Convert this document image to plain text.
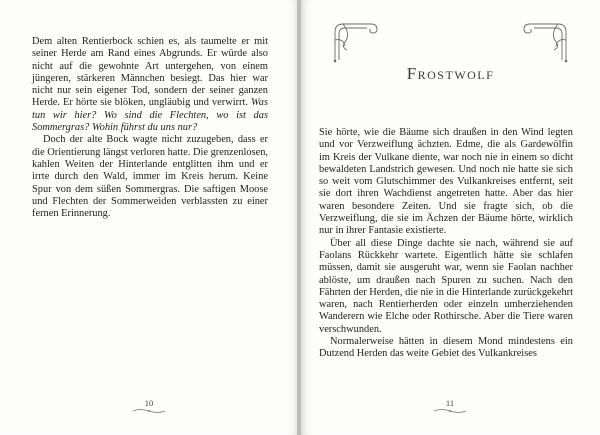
Dem alten Rentierbock schien es, als taumelte er mit seiner Herde am Rand eines Abgrunds. Er würde also nicht auf die gewohnte Art untergehen, von einem jüngeren, stärkeren Männchen besiegt. Das hier war nicht nur sein eigener Tod, sondern der seiner ganzen Herde. Er hörte sie blöken, ungläubig und verwirrt. Was tun wir hier? Wo sind die Flechten, wo ist das Sommergras? Wohin führst du uns nur?

Doch der alte Bock wagte nicht zuzugeben, dass er die Orientierung längst verloren hatte. Die grenzenlosen, kahlen Weiten der Hinterlande entglitten ihm und er irrte durch den Wald, immer im Kreis herum. Keine Spur von dem süßen Sommergras. Die saftigen Moose und Flechten der Sommerweiden verblassten zu einer fernen Erinnerung.

10
Frostwolf

Sie hörte, wie die Bäume sich draußen in den Wind legten und vor Verzweiflung ächzten. Edme, die als Gardewölfin im Kreis der Vulkane diente, war noch nie in einem so dicht bewaldeten Landstrich gewesen. Und noch nie hatte sie sich so weit vom Glutschimmer des Vulkankreises entfernt, seit sie dort ihren Wachdienst angetreten hatte. Aber das hier waren besondere Zeiten. Und sie fragte sich, ob die Verzweiflung, die sie im Ächzen der Bäume hörte, wirklich nur in ihrer Fantasie existierte.

Über all diese Dinge dachte sie nach, während sie auf Faolans Rückkehr wartete. Eigentlich hätte sie schlafen müssen, damit sie ausgeruht war, wenn sie Faolan nachher ablöste, um draußen nach Spuren zu suchen. Nach den Fährten der Herden, die nie in die Hinterlande zurückgekehrt waren, nach Rentierherden oder einzeln umherziehenden Wanderern wie Elche oder Rothirsche. Aber die Tiere waren verschwunden.

Normalerweise hätten in diesem Mond mindestens ein Dutzend Herden das weite Gebiet des Vulkankreises

11
